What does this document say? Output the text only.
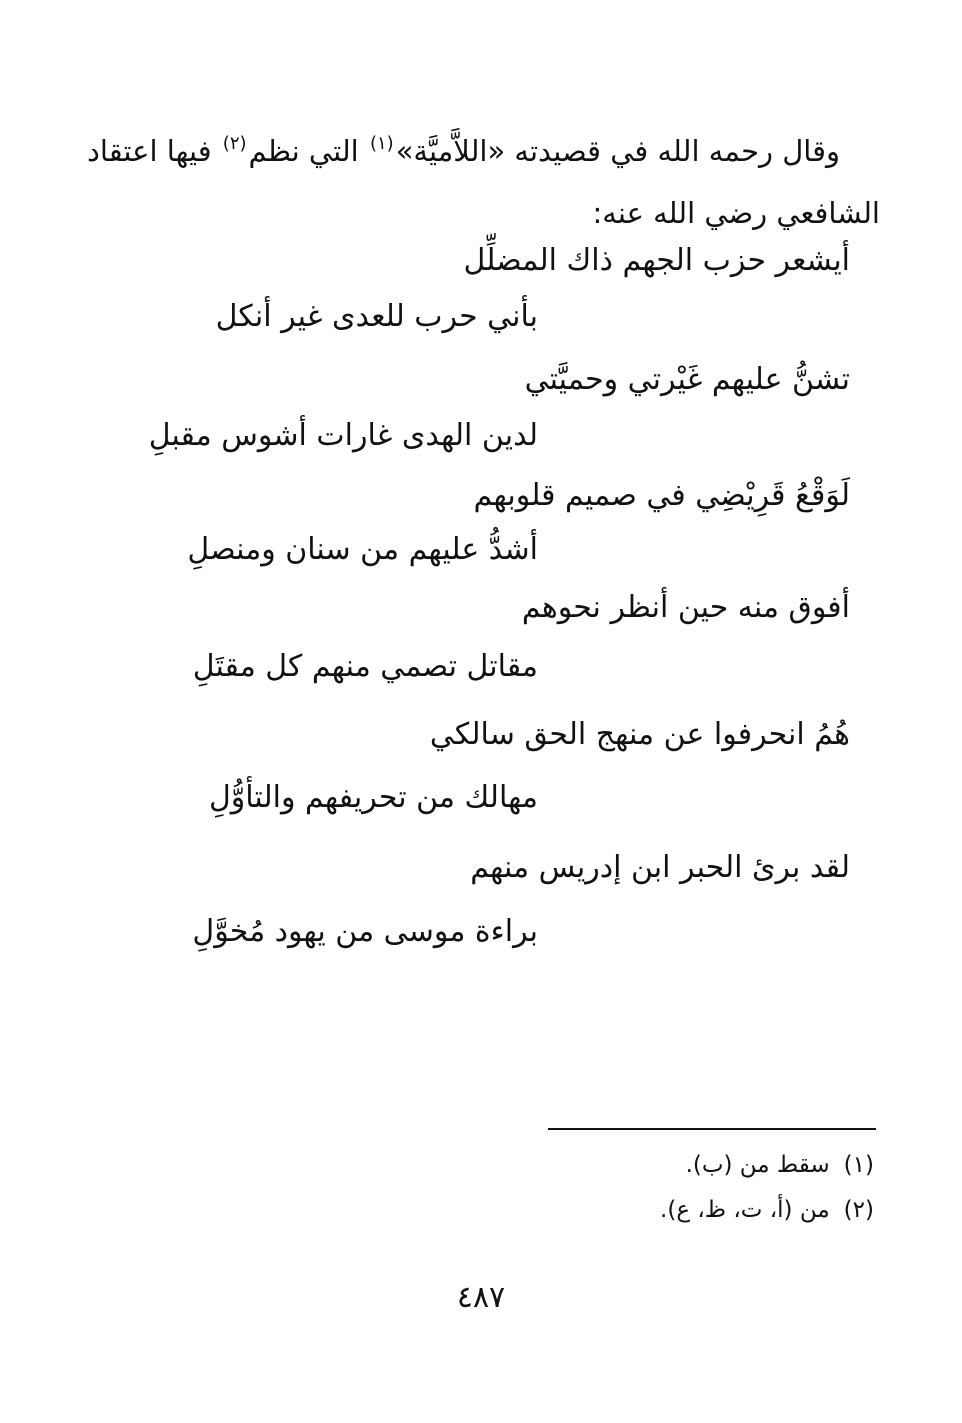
وقال رحمه الله في قصيدته «اللاَّميَّة»$^{(١)}$ التي نظم$^{(٢)}$ فيها اعتقاد
الشافعي رضي الله عنه:
أيشعر حزب الجهم ذاك المضلِّل
بأني حرب للعدى غير أنكل
تشنُّ عليهم غَيْرتي وحميَّتي
لدين الهدى غارات أشوس مقبلِ
لَوَقْعُ قَرِيْضِي في صميم قلوبهم
أشدُّ عليهم من سنان ومنصلِ
أفوق منه حين أنظر نحوهم
مقاتل تصمي منهم كل مقتَلِ
هُمُ انحرفوا عن منهج الحق سالكي
مهالك من تحريفهم والتأوُّلِ
لقد برئ الحبر ابن إدريس منهم
براءة موسى من يهود مُخوَّلِ
(١)سقط من (ب).
(٢)من (أ، ت، ظ، ع).
٤٨٧
